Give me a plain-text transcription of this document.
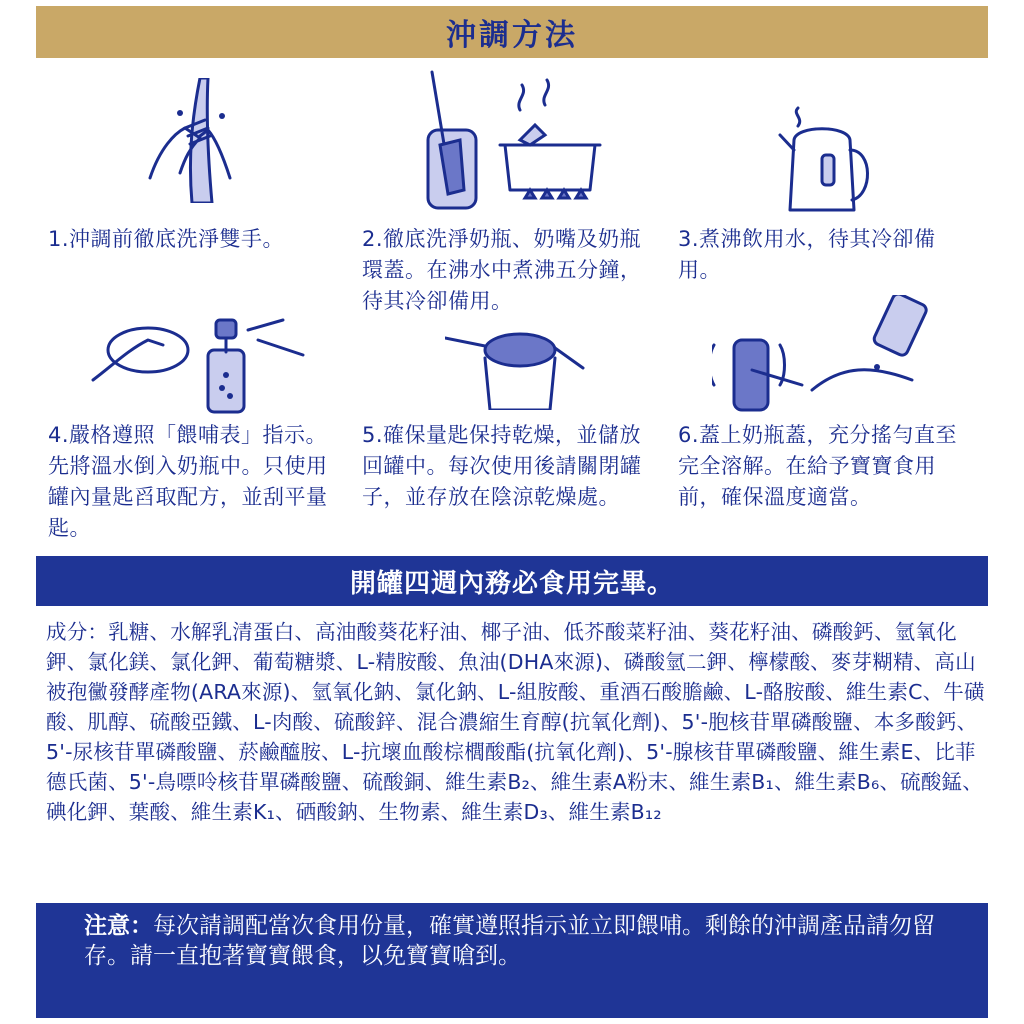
沖調方法
1.沖調前徹底洗淨雙手。	2.徹底洗淨奶瓶、奶嘴及奶瓶環蓋。在沸水中煮沸五分鐘，待其冷卻備用。
3.煮沸飲用水，待其冷卻備用。
4.嚴格遵照「餵哺表」指示。先將溫水倒入奶瓶中。只使用罐內量匙舀取配方，並刮平量匙。
5.確保量匙保持乾燥，並儲放回罐中。每次使用後請關閉罐子，並存放在陰涼乾燥處。
6.蓋上奶瓶蓋，充分搖勻直至完全溶解。在給予寶寶食用前，確保溫度適當。
開罐四週內務必食用完畢。
成分：乳糖、水解乳清蛋白、高油酸葵花籽油、椰子油、低芥酸菜籽油、葵花籽油、磷酸鈣、氫氧化鉀、氯化鎂、氯化鉀、葡萄糖漿、L-精胺酸、魚油(DHA來源)、磷酸氫二鉀、檸檬酸、麥芽糊精、高山被孢黴發酵產物(ARA來源)、氫氧化鈉、氯化鈉、L-組胺酸、重酒石酸膽鹼、L-酪胺酸、維生素C、牛磺酸、肌醇、硫酸亞鐵、L-肉酸、硫酸鋅、混合濃縮生育醇(抗氧化劑)、5'-胞核苷單磷酸鹽、本多酸鈣、5'-尿核苷單磷酸鹽、菸鹼醯胺、L-抗壞血酸棕櫚酸酯(抗氧化劑)、5'-腺核苷單磷酸鹽、維生素E、比菲德氏菌、5'-鳥嘌呤核苷單磷酸鹽、硫酸銅、維生素B₂、維生素A粉末、維生素B₁、維生素B₆、硫酸錳、碘化鉀、葉酸、維生素K₁、硒酸鈉、生物素、維生素D₃、維生素B₁₂
注意：每次請調配當次食用份量，確實遵照指示並立即餵哺。剩餘的沖調產品請勿留存。請一直抱著寶寶餵食，以免寶寶嗆到。
